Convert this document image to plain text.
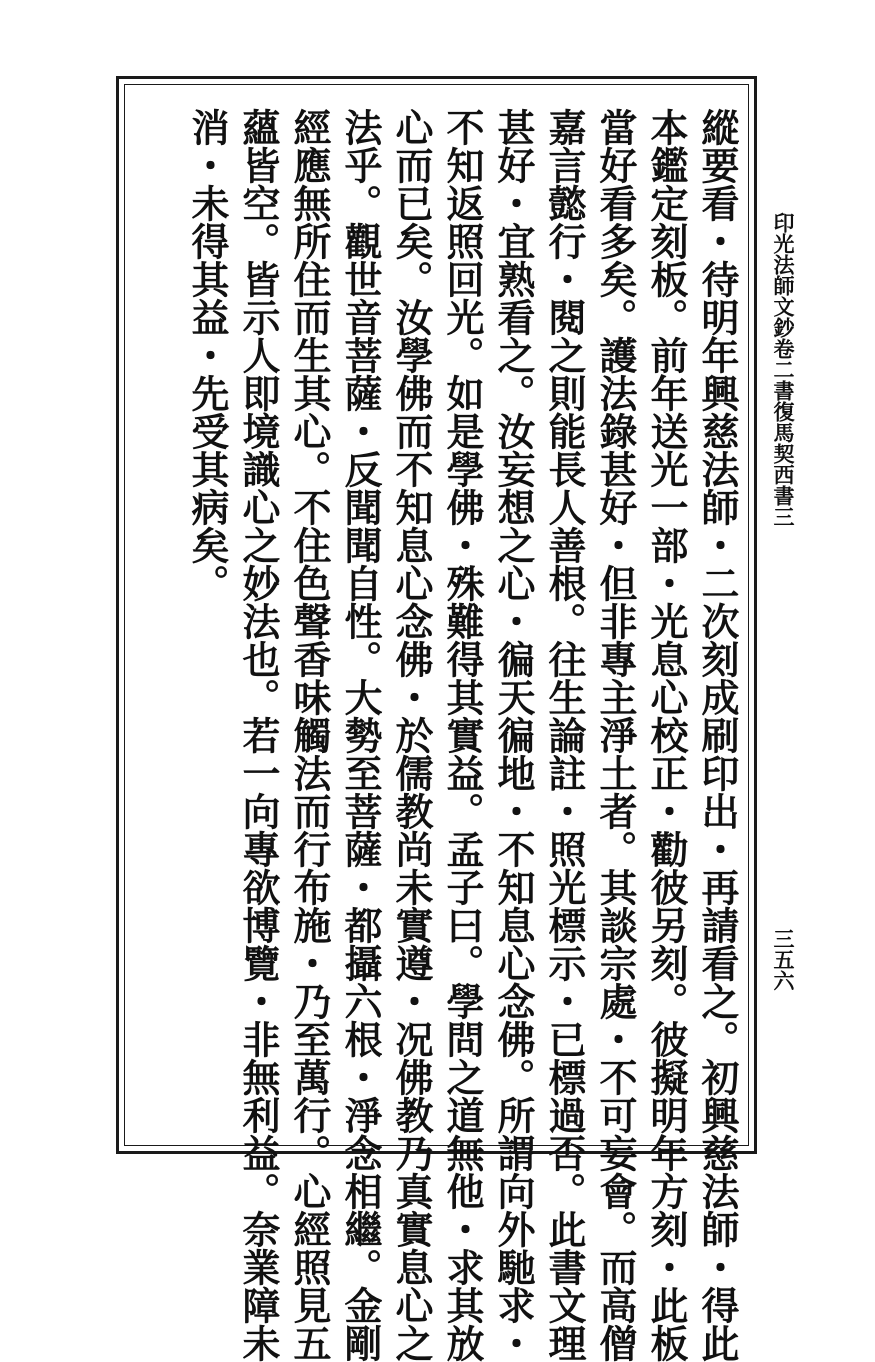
印光法師文鈔卷二書復馬契西書三
三五六
縱要看・待明年興慈法師・二次刻成刷印出・再請看之。初興慈法師・得此
本鑑定刻板。前年送光一部・光息心校正・勸彼另刻。彼擬明年方刻・此板
當好看多矣。護法錄甚好・但非專主淨土者。其談宗處・不可妄會。而高僧
嘉言懿行・閱之則能長人善根。往生論註・照光標示・已標過否。此書文理
甚好・宜熟看之。汝妄想之心・徧天徧地・不知息心念佛。所謂向外馳求・
不知返照回光。如是學佛・殊難得其實益。孟子曰。學問之道無他・求其放
心而已矣。汝學佛而不知息心念佛・於儒教尚未實遵・况佛教乃真實息心之
法乎。觀世音菩薩・反聞聞自性。大勢至菩薩・都攝六根・淨念相繼。金剛
經應無所住而生其心。不住色聲香味觸法而行布施・乃至萬行。心經照見五
蘊皆空。皆示人即境識心之妙法也。若一向專欲博覽・非無利益。奈業障未
消・未得其益・先受其病矣。
